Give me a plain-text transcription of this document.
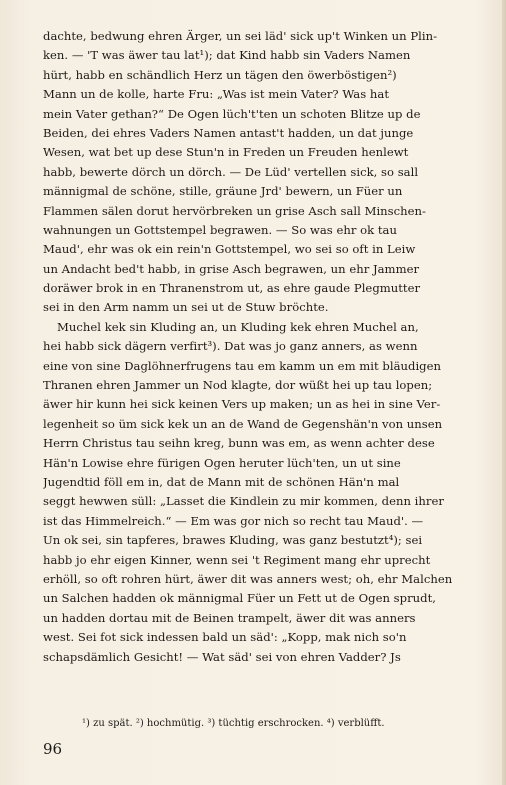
dachte, bedwung ehren Ärger, un sei läd' sick up't Winken un Plin-
ken. — 'T was äwer tau lat¹); dat Kind habb sin Vaders Namen
hürt, habb en schändlich Herz un tägen den öwerböstigen²)
Mann un de kolle, harte Fru: „Was ist mein Vater? Was hat
mein Vater gethan?“ De Ogen lüch't'ten un schoten Blitze up de
Beiden, dei ehres Vaders Namen antast't hadden, un dat junge
Wesen, wat bet up dese Stun'n in Freden un Freuden henlewt
habb, bewerte dörch un dörch. — De Lüd' vertellen sick, so sall
männigmal de schöne, stille, gräune Jrd' bewern, un Füer un
Flammen sälen dorut hervörbreken un grise Asch sall Minschen-
wahnungen un Gottstempel begrawen. — So was ehr ok tau
Maud', ehr was ok ein rein'n Gottstempel, wo sei so oft in Leiw
un Andacht bed't habb, in grise Asch begrawen, un ehr Jammer
doräwer brok in en Thranenstrom ut, as ehre gaude Plegmutter
sei in den Arm namm un sei ut de Stuw bröchte.
Muchel kek sin Kluding an, un Kluding kek ehren Muchel an,
hei habb sick dägern verfirt³). Dat was jo ganz anners, as wenn
eine von sine Daglöhnerfrugens tau em kamm un em mit bläudigen
Thranen ehren Jammer un Nod klagte, dor wüßt hei up tau lopen;
äwer hir kunn hei sick keinen Vers up maken; un as hei in sine Ver-
legenheit so üm sick kek un an de Wand de Gegenshän'n von unsen
Herrn Christus tau seihn kreg, bunn was em, as wenn achter dese
Hän'n Lowise ehre fürigen Ogen heruter lüch'ten, un ut sine
Jugendtid föll em in, dat de Mann mit de schönen Hän'n mal
seggt hewwen süll: „Lasset die Kindlein zu mir kommen, denn ihrer
ist das Himmelreich.“ — Em was gor nich so recht tau Maud'. —
Un ok sei, sin tapferes, brawes Kluding, was ganz bestutzt⁴); sei
habb jo ehr eigen Kinner, wenn sei 't Regiment mang ehr uprecht
erhöll, so oft rohren hürt, äwer dit was anners west; oh, ehr Malchen
un Salchen hadden ok männigmal Füer un Fett ut de Ogen sprudt,
un hadden dortau mit de Beinen trampelt, äwer dit was anners
west. Sei fot sick indessen bald un säd': „Kopp, mak nich so'n
schapsdämlich Gesicht! — Wat säd' sei von ehren Vadder? Js
¹) zu spät. ²) hochmütig. ³) tüchtig erschrocken. ⁴) verblüfft.
96
